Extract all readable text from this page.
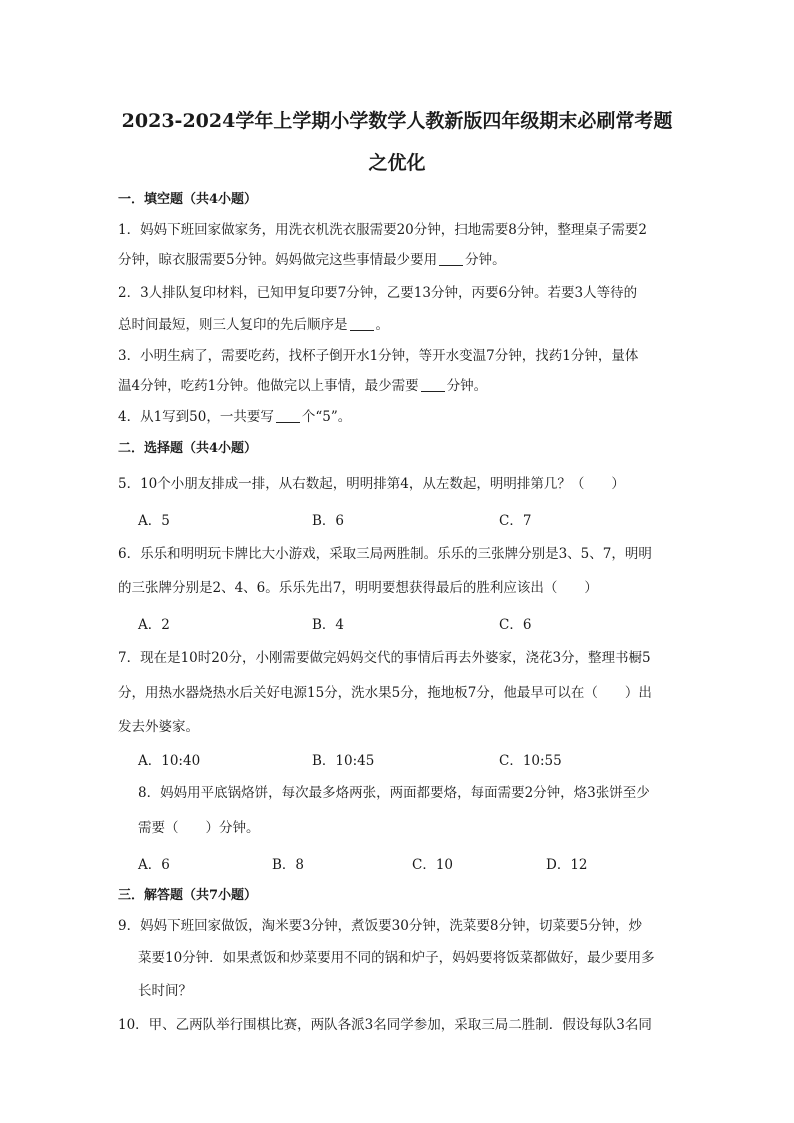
2023-2024学年上学期小学数学人教新版四年级期末必刷常考题
之优化
一．填空题（共4小题）
1．妈妈下班回家做家务，用洗衣机洗衣服需要20分钟，扫地需要8分钟，整理桌子需要2
分钟，晾衣服需要5分钟。妈妈做完这些事情最少要用 分钟。
2．3人排队复印材料，已知甲复印要7分钟，乙要13分钟，丙要6分钟。若要3人等待的
总时间最短，则三人复印的先后顺序是 。
3．小明生病了，需要吃药，找杯子倒开水1分钟，等开水变温7分钟，找药1分钟，量体
温4分钟，吃药1分钟。他做完以上事情，最少需要 分钟。
4．从1写到50，一共要写 个“5”。
二．选择题（共4小题）
5．10个小朋友排成一排，从右数起，明明排第4，从左数起，明明排第几？（　　）
A．5	B．6	C．7
6．乐乐和明明玩卡牌比大小游戏，采取三局两胜制。乐乐的三张牌分别是3、5、7，明明
的三张牌分别是2、4、6。乐乐先出7，明明要想获得最后的胜利应该出（　　）
A．2	B．4	C．6
7．现在是10时20分，小刚需要做完妈妈交代的事情后再去外婆家，浇花3分，整理书橱5
分，用热水器烧热水后关好电源15分，洗水果5分，拖地板7分，他最早可以在（　　）出
发去外婆家。
A．10:40	B．10:45	C．10:55
8．妈妈用平底锅烙饼，每次最多烙两张，两面都要烙，每面需要2分钟，烙3张饼至少
需要（　　）分钟。
A．6	B．8	C．10	D．12
三．解答题（共7小题）
9．妈妈下班回家做饭，淘米要3分钟，煮饭要30分钟，洗菜要8分钟，切菜要5分钟，炒
菜要10分钟．如果煮饭和炒菜要用不同的锅和炉子，妈妈要将饭菜都做好，最少要用多
长时间？
10．甲、乙两队举行围棋比赛，两队各派3名同学参加，采取三局二胜制．假设每队3名同
